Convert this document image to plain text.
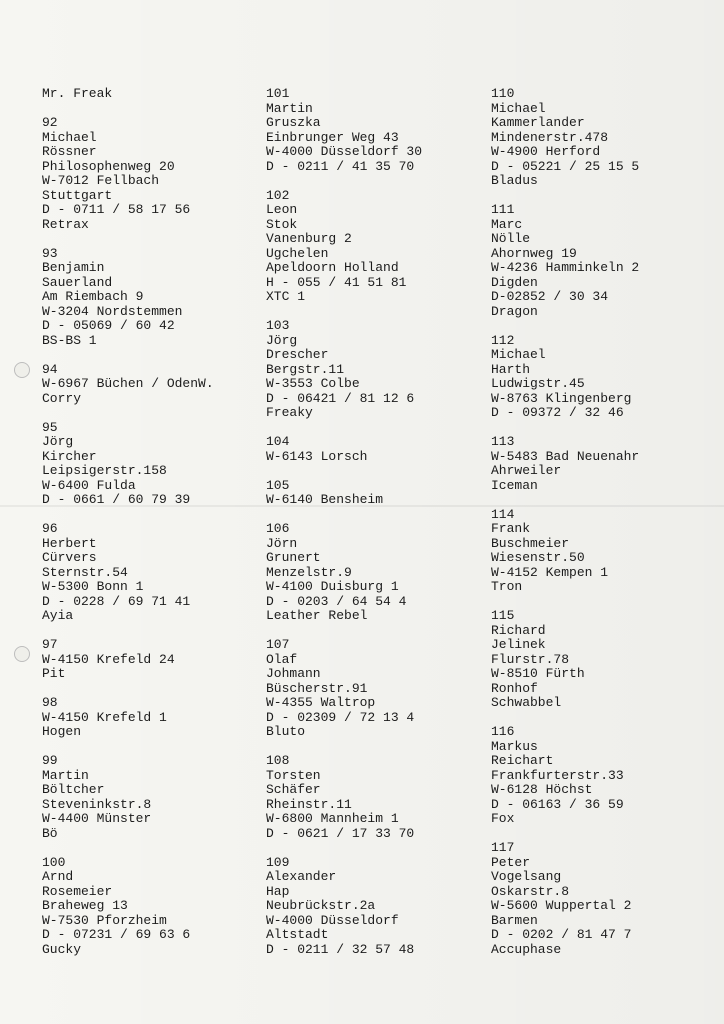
Mr. Freak
92
Michael
Rössner
Philosophenweg 20
W-7012 Fellbach
Stuttgart
D - 0711 / 58 17 56
Retrax
93
Benjamin
Sauerland
Am Riembach 9
W-3204 Nordstemmen
D - 05069 / 60 42
BS-BS 1
94
W-6967 Büchen / OdenW.
Corry
95
Jörg
Kircher
Leipsigerstr.158
W-6400 Fulda
D - 0661 / 60 79 39
96
Herbert
Cürvers
Sternstr.54
W-5300 Bonn 1
D - 0228 / 69 71 41
Ayia
97
W-4150 Krefeld 24
Pit
98
W-4150 Krefeld 1
Hogen
99
Martin
Böltcher
Steveninkstr.8
W-4400 Münster
Bö
100
Arnd
Rosemeier
Braheweg 13
W-7530 Pforzheim
D - 07231 / 69 63 6
Gucky
101
Martin
Gruszka
Einbrunger Weg 43
W-4000 Düsseldorf 30
D - 0211 / 41 35 70
102
Leon
Stok
Vanenburg 2
Ugchelen
Apeldoorn Holland
H - 055 / 41 51 81
XTC 1
103
Jörg
Drescher
Bergstr.11
W-3553 Colbe
D - 06421 / 81 12 6
Freaky
104
W-6143 Lorsch
105
W-6140 Bensheim
106
Jörn
Grunert
Menzelstr.9
W-4100 Duisburg 1
D - 0203 / 64 54 4
Leather Rebel
107
Olaf
Johmann
Büscherstr.91
W-4355 Waltrop
D - 02309 / 72 13 4
Bluto
108
Torsten
Schäfer
Rheinstr.11
W-6800 Mannheim 1
D - 0621 / 17 33 70
109
Alexander
Hap
Neubrückstr.2a
W-4000 Düsseldorf
Altstadt
D - 0211 / 32 57 48
110
Michael
Kammerlander
Mindenerstr.478
W-4900 Herford
D - 05221 / 25 15 5
Bladus
111
Marc
Nölle
Ahornweg 19
W-4236 Hamminkeln 2
Digden
D-02852 / 30 34
Dragon
112
Michael
Harth
Ludwigstr.45
W-8763 Klingenberg
D - 09372 / 32 46
113
W-5483 Bad Neuenahr
Ahrweiler
Iceman
114
Frank
Buschmeier
Wiesenstr.50
W-4152 Kempen 1
Tron
115
Richard
Jelinek
Flurstr.78
W-8510 Fürth
Ronhof
Schwabbel
116
Markus
Reichart
Frankfurterstr.33
W-6128 Höchst
D - 06163 / 36 59
Fox
117
Peter
Vogelsang
Oskarstr.8
W-5600 Wuppertal 2
Barmen
D - 0202 / 81 47 7
Accuphase
